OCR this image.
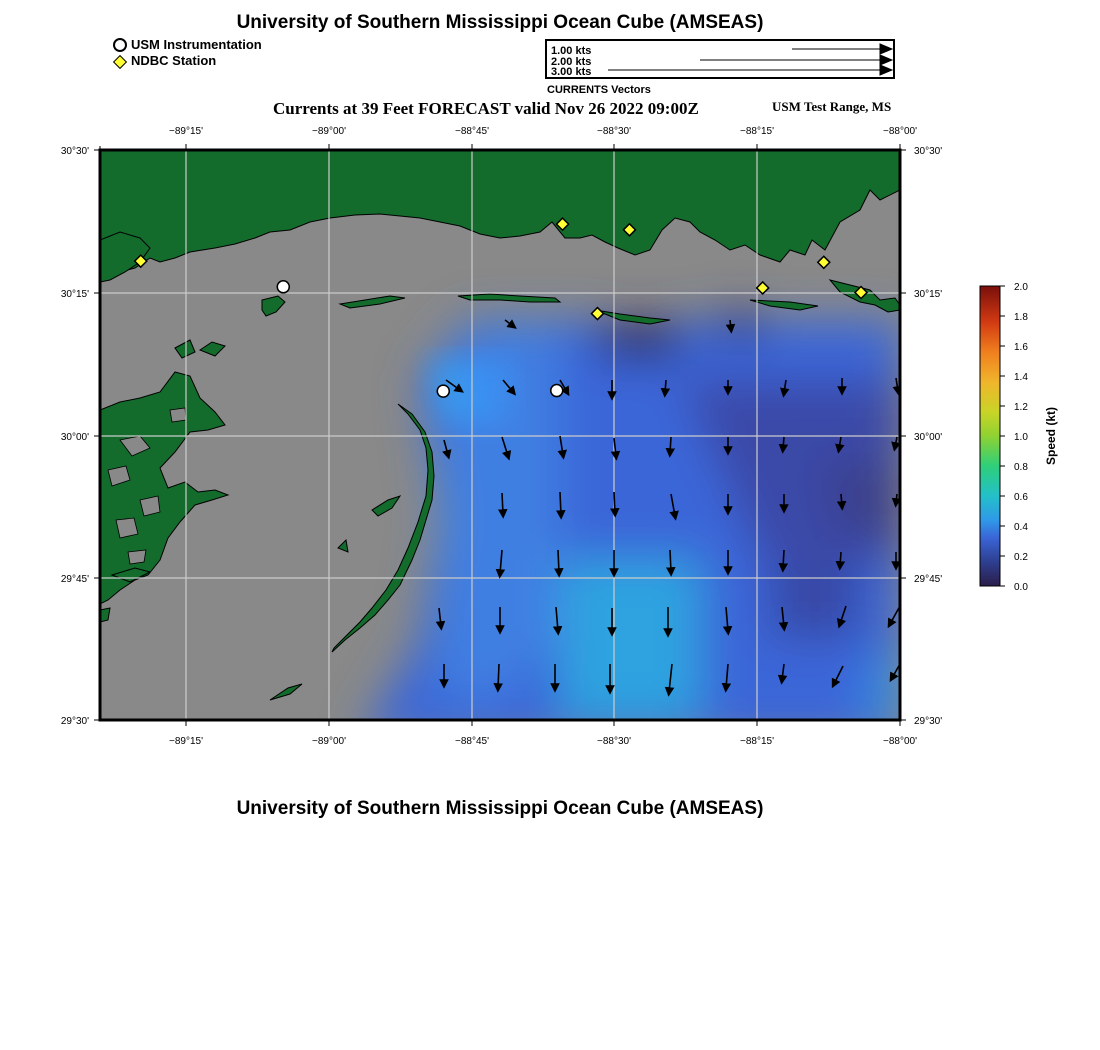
−89°15'	−89°00'	−88°45'	−88°30'	−88°15'	−88°00'
−89°15'	−89°00'	−88°45'	−88°30'	−88°15'	−88°00'
30°30'
30°15'
30°00'
29°45'
29°30'
30°30'
30°15'
30°00'
29°45'
29°30'
2.0
1.8
1.6
1.4
1.2
1.0
0.8
0.6
0.4
0.2
0.0
Speed (kt)
1.00 kts
2.00 kts
3.00 kts
University of Southern Mississippi Ocean Cube (AMSEAS)
USM Instrumentation
NDBC Station
CURRENTS Vectors
Currents at 39 Feet FORECAST valid Nov 26 2022 09:00Z	USM Test Range, MS
University of Southern Mississippi Ocean Cube (AMSEAS)
